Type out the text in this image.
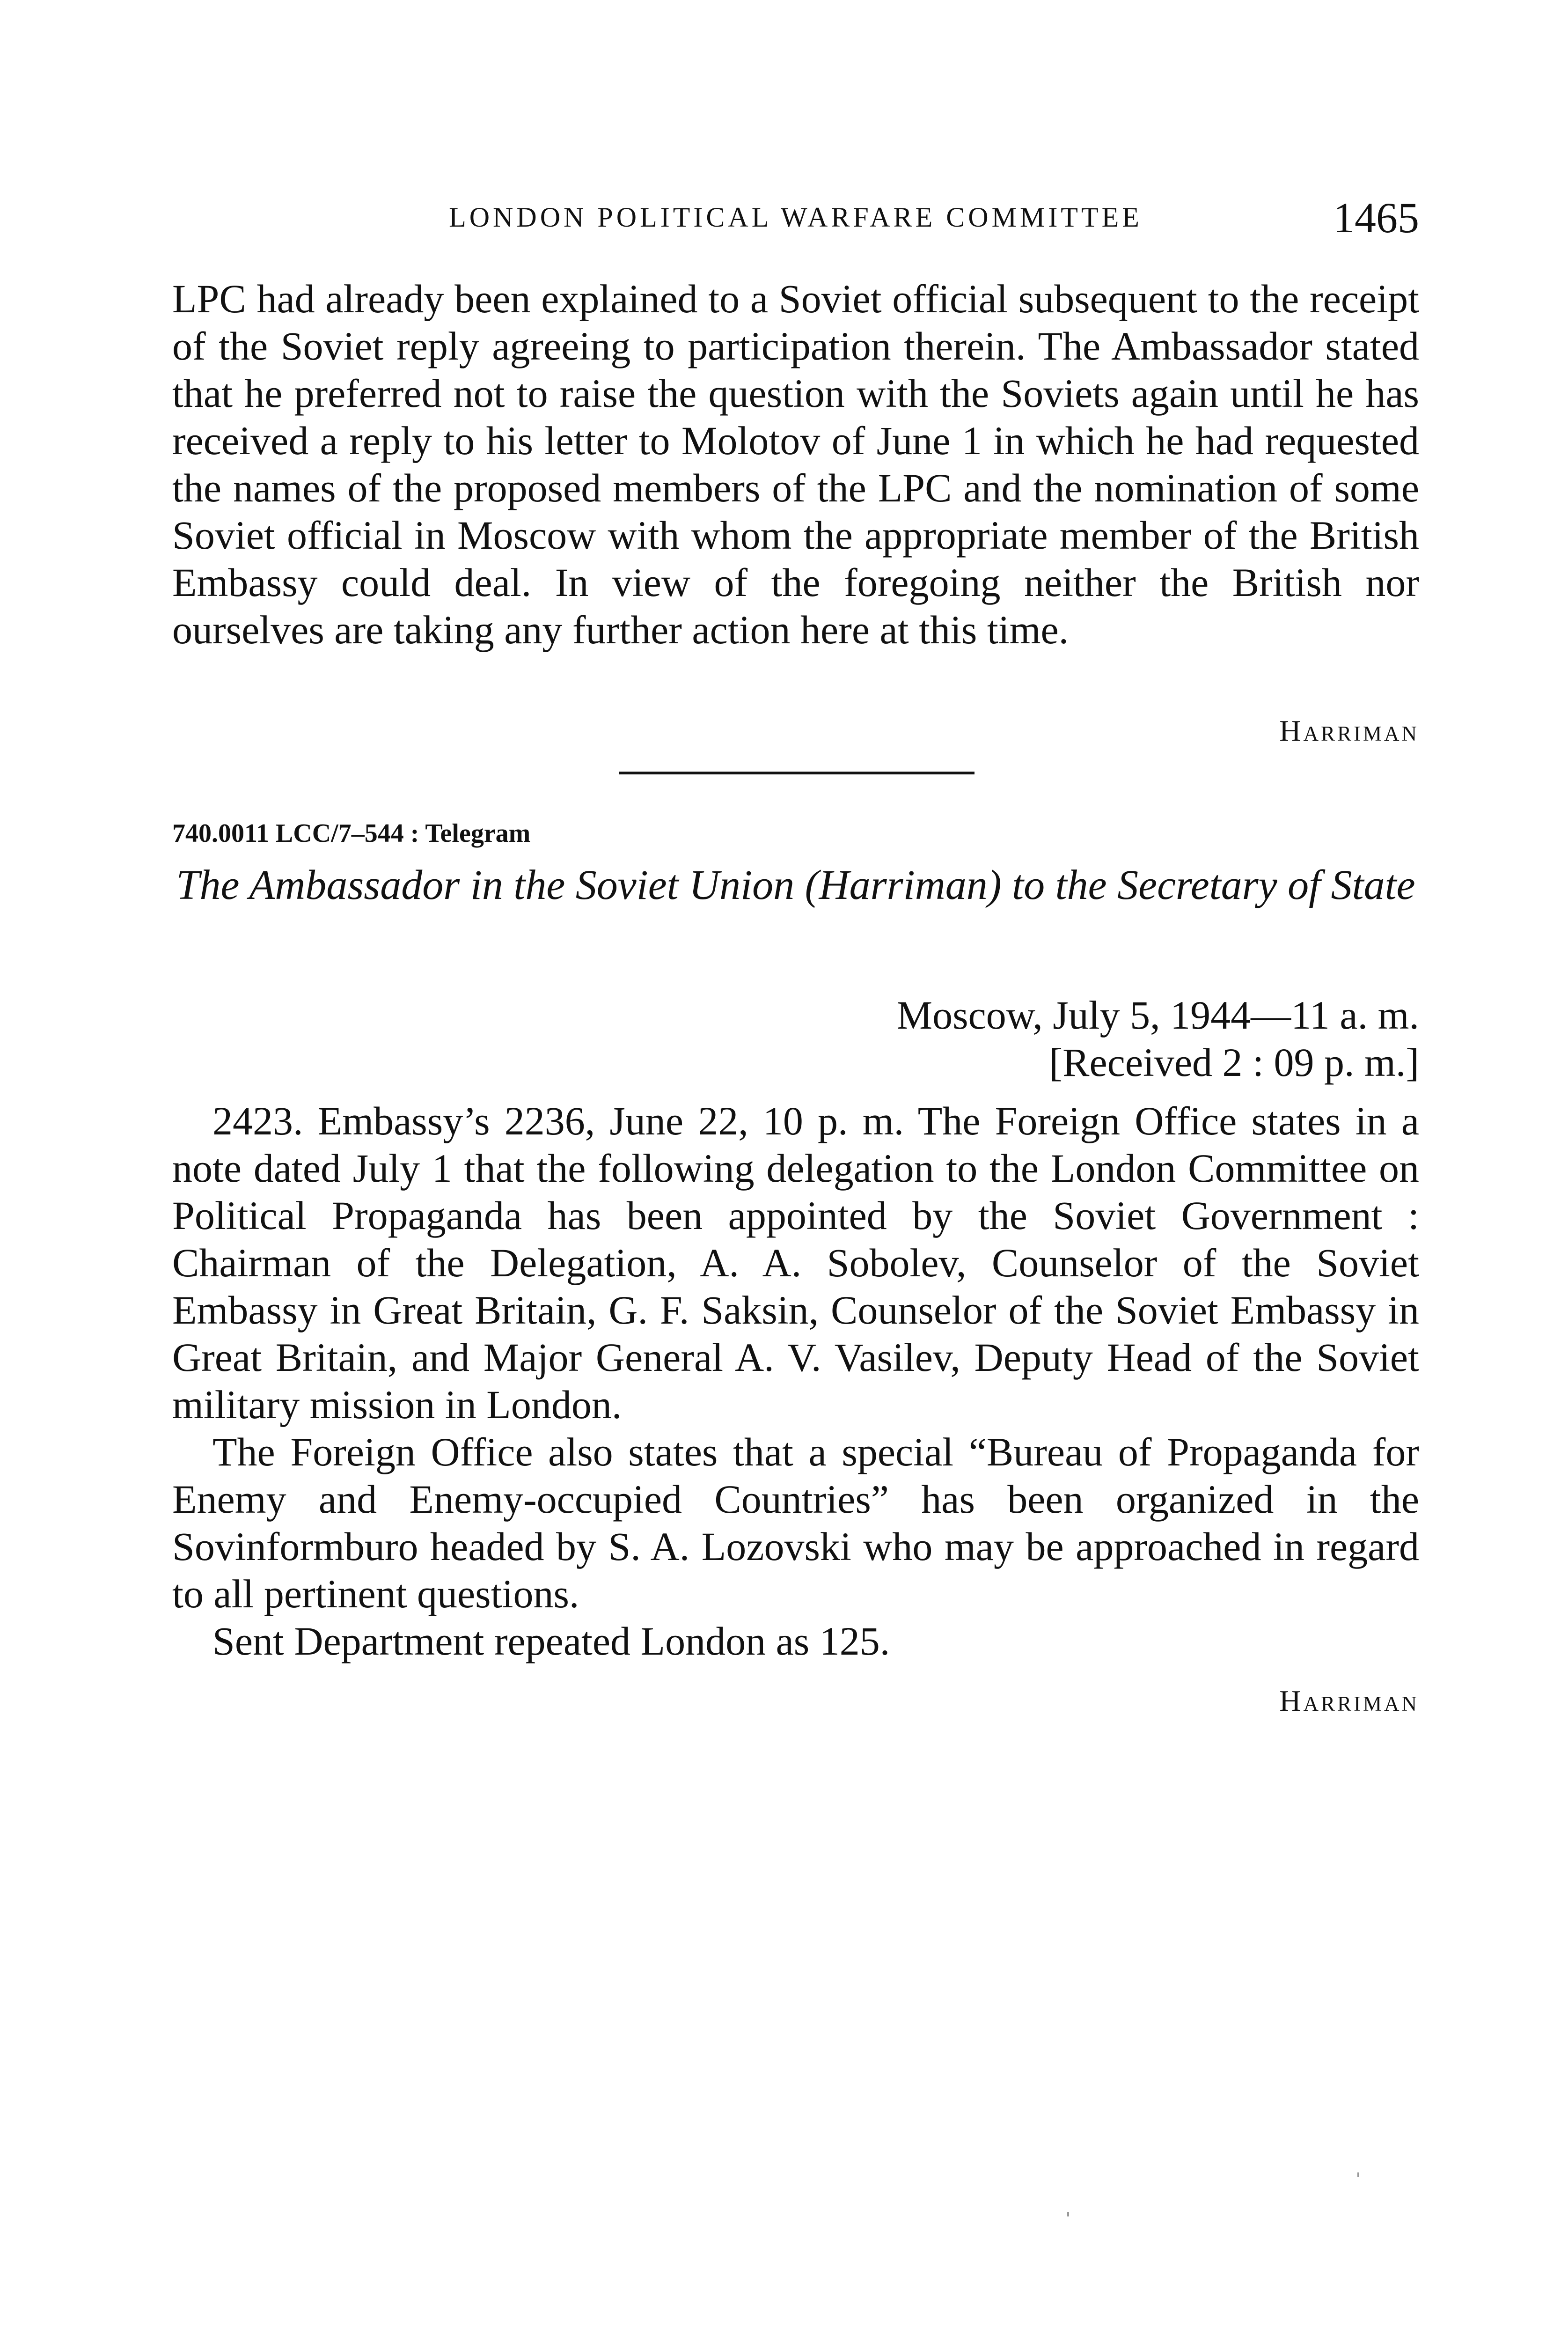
LONDON POLITICAL WARFARE COMMITTEE	1465

LPC had already been explained to a Soviet official subsequent to the receipt of the Soviet reply agreeing to participation therein. The Ambassador stated that he preferred not to raise the question with the Soviets again until he has received a reply to his letter to Molotov of June 1 in which he had requested the names of the proposed members of the LPC and the nomination of some Soviet official in Moscow with whom the appropriate member of the British Embassy could deal. In view of the foregoing neither the British nor ourselves are taking any further action here at this time.

Harriman
740.0011 LCC/7–544 : Telegram
The Ambassador in the Soviet Union (Harriman) to the Secretary of State
Moscow, July 5, 1944—11 a. m.
[Received 2 : 09 p. m.]

2423. Embassy’s 2236, June 22, 10 p. m. The Foreign Office states in a note dated July 1 that the following delegation to the London Committee on Political Propaganda has been appointed by the Soviet Government : Chairman of the Delegation, A. A. Sobolev, Counselor of the Soviet Embassy in Great Britain, G. F. Saksin, Counselor of the Soviet Embassy in Great Britain, and Major General A. V. Vasilev, Deputy Head of the Soviet military mission in London.

The Foreign Office also states that a special “Bureau of Propaganda for Enemy and Enemy-occupied Countries” has been organized in the Sovinformburo headed by S. A. Lozovski who may be approached in regard to all pertinent questions.

Sent Department repeated London as 125.

Harriman
